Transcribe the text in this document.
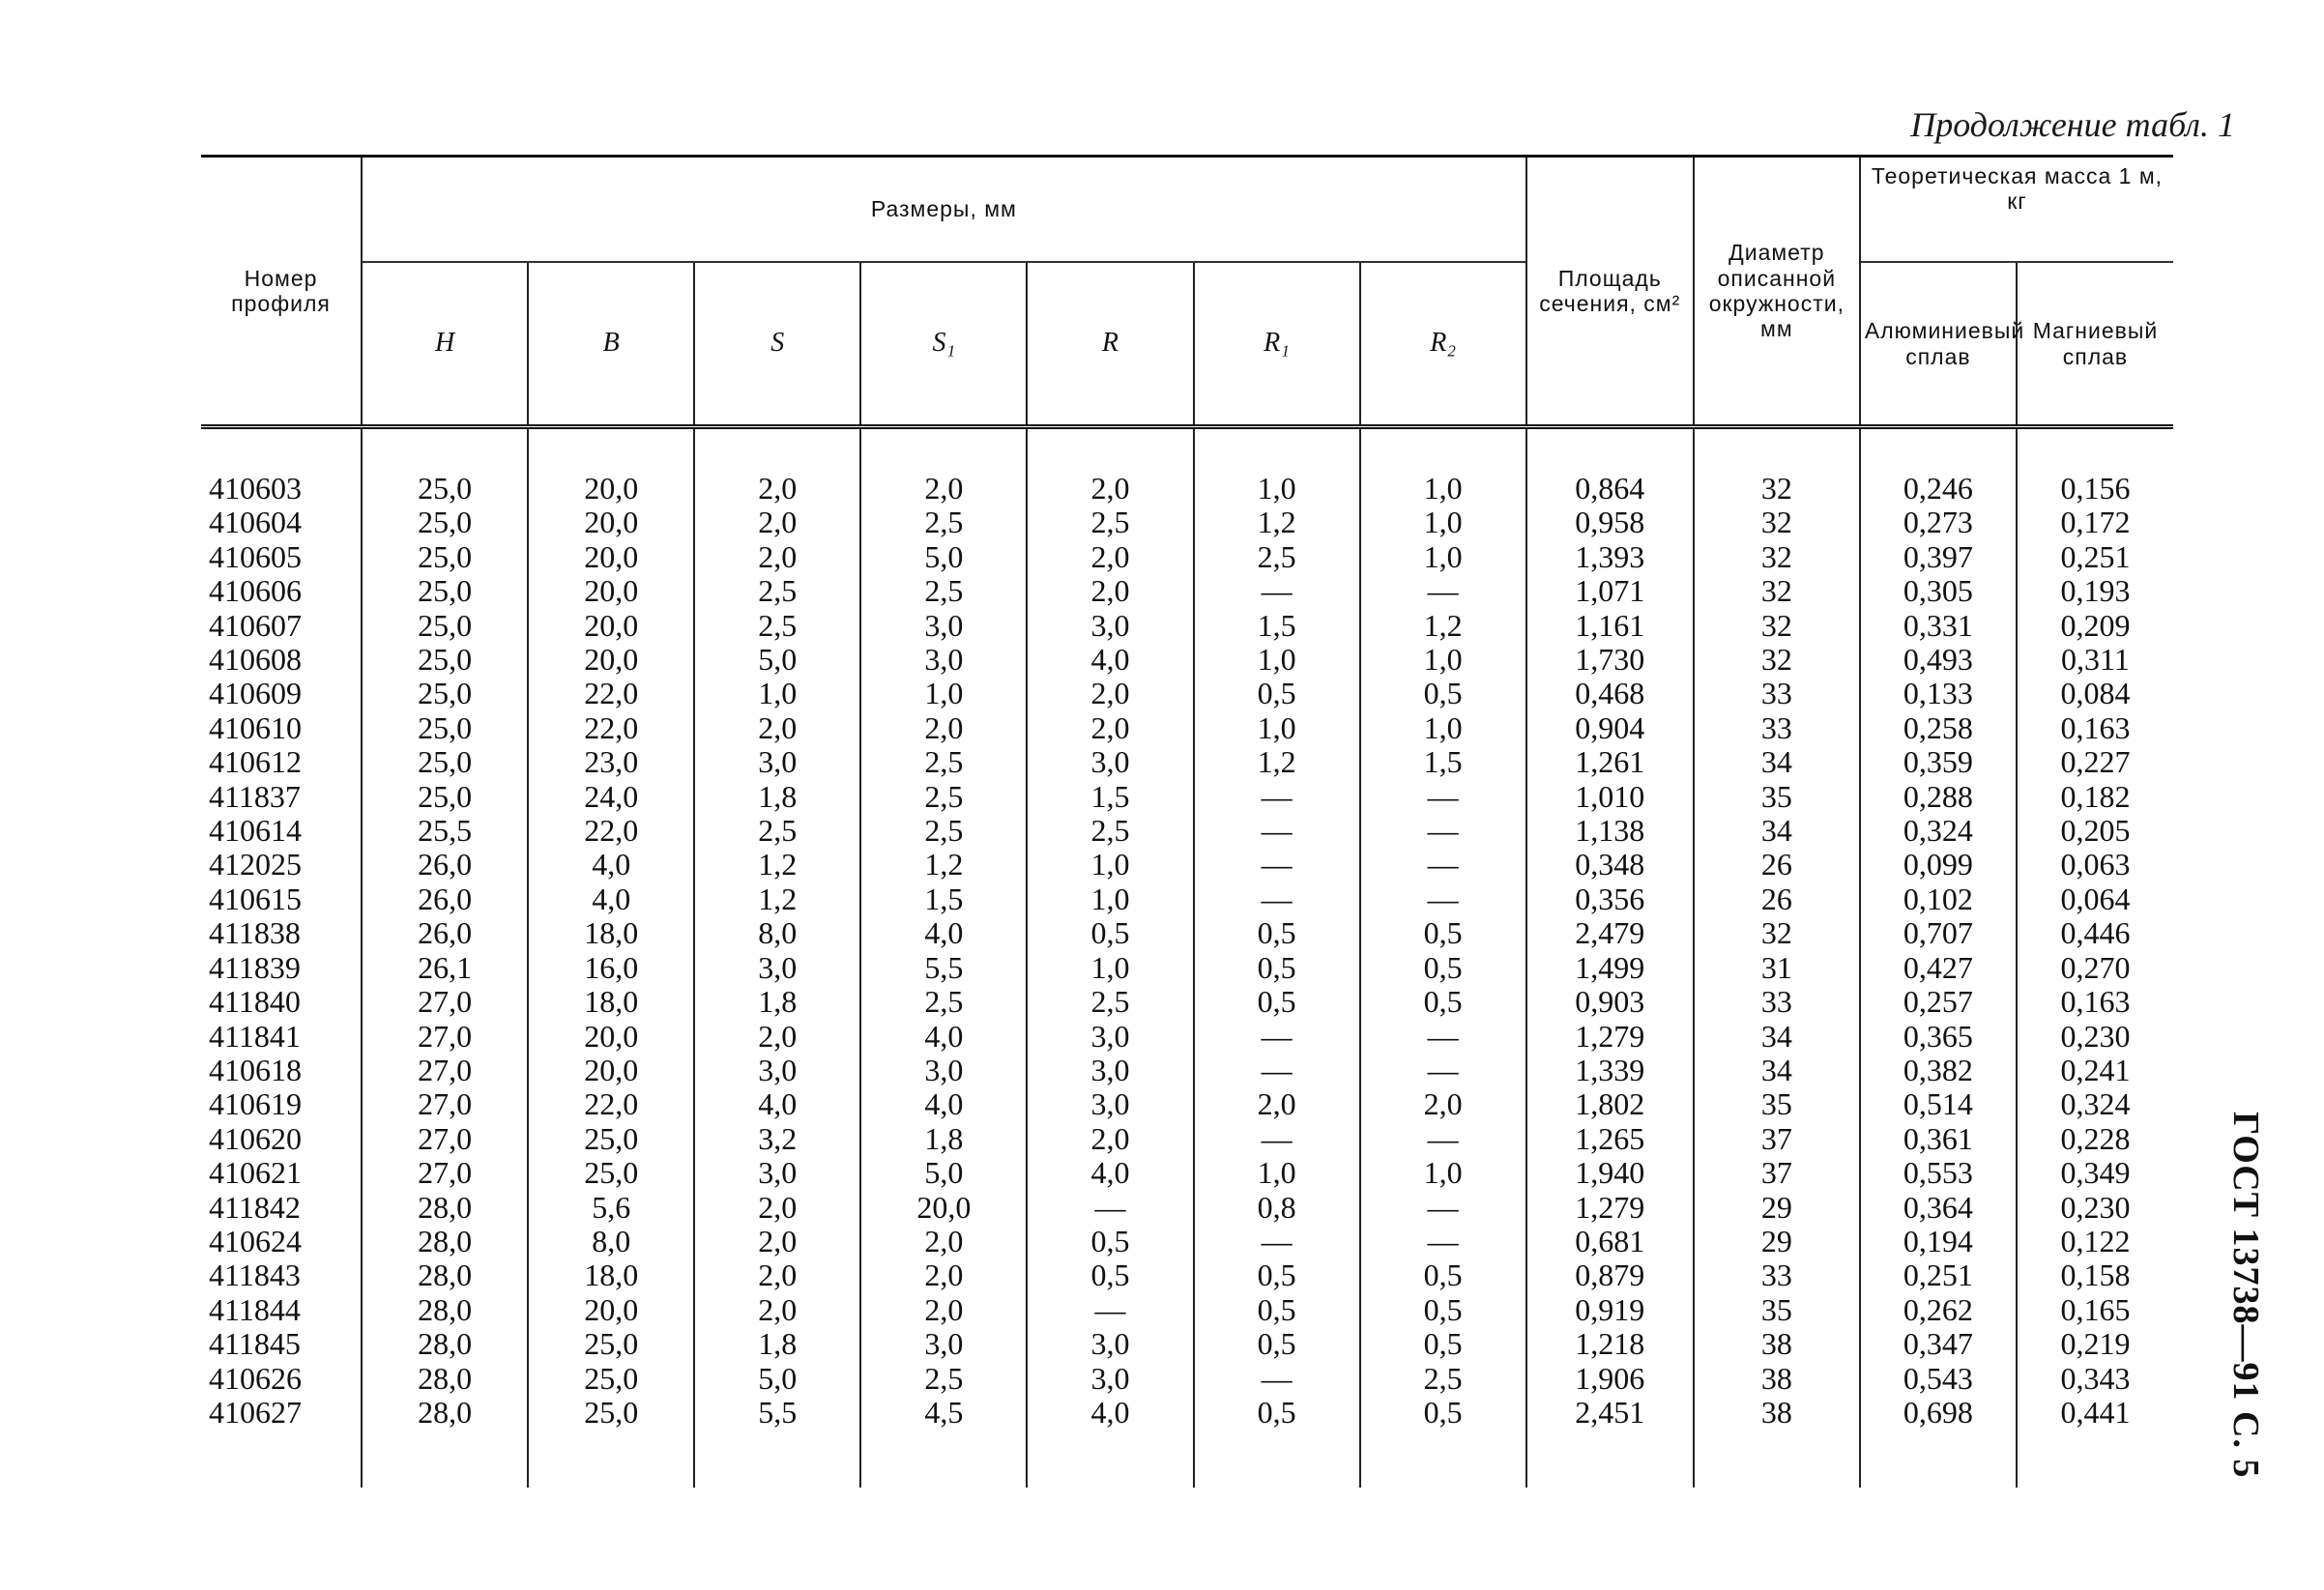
Продолжение табл. 1
ГОСТ 13738—91 С. 5
Номер профиля	Размеры, мм							Площадь сечения, см²	Диаметр описанной окружности, мм	Теоретическая масса 1 м, кг	
	H	B	S	S₁	R	R₁	R₂			Алюминиевый сплав	Магниевый сплав

410603	25,0	20,0	2,0	2,0	2,0	1,0	1,0	0,864	32	0,246	0,156
410604	25,0	20,0	2,0	2,5	2,5	1,2	1,0	0,958	32	0,273	0,172
410605	25,0	20,0	2,0	5,0	2,0	2,5	1,0	1,393	32	0,397	0,251
410606	25,0	20,0	2,5	2,5	2,0	—	—	1,071	32	0,305	0,193
410607	25,0	20,0	2,5	3,0	3,0	1,5	1,2	1,161	32	0,331	0,209
410608	25,0	20,0	5,0	3,0	4,0	1,0	1,0	1,730	32	0,493	0,311
410609	25,0	22,0	1,0	1,0	2,0	0,5	0,5	0,468	33	0,133	0,084
410610	25,0	22,0	2,0	2,0	2,0	1,0	1,0	0,904	33	0,258	0,163
410612	25,0	23,0	3,0	2,5	3,0	1,2	1,5	1,261	34	0,359	0,227
411837	25,0	24,0	1,8	2,5	1,5	—	—	1,010	35	0,288	0,182
410614	25,5	22,0	2,5	2,5	2,5	—	—	1,138	34	0,324	0,205
412025	26,0	4,0	1,2	1,2	1,0	—	—	0,348	26	0,099	0,063
410615	26,0	4,0	1,2	1,5	1,0	—	—	0,356	26	0,102	0,064
411838	26,0	18,0	8,0	4,0	0,5	0,5	0,5	2,479	32	0,707	0,446
411839	26,1	16,0	3,0	5,5	1,0	0,5	0,5	1,499	31	0,427	0,270
411840	27,0	18,0	1,8	2,5	2,5	0,5	0,5	0,903	33	0,257	0,163
411841	27,0	20,0	2,0	4,0	3,0	—	—	1,279	34	0,365	0,230
410618	27,0	20,0	3,0	3,0	3,0	—	—	1,339	34	0,382	0,241
410619	27,0	22,0	4,0	4,0	3,0	2,0	2,0	1,802	35	0,514	0,324
410620	27,0	25,0	3,2	1,8	2,0	—	—	1,265	37	0,361	0,228
410621	27,0	25,0	3,0	5,0	4,0	1,0	1,0	1,940	37	0,553	0,349
411842	28,0	5,6	2,0	20,0	—	0,8	—	1,279	29	0,364	0,230
410624	28,0	8,0	2,0	2,0	0,5	—	—	0,681	29	0,194	0,122
411843	28,0	18,0	2,0	2,0	0,5	0,5	0,5	0,879	33	0,251	0,158
411844	28,0	20,0	2,0	2,0	—	0,5	0,5	0,919	35	0,262	0,165
411845	28,0	25,0	1,8	3,0	3,0	0,5	0,5	1,218	38	0,347	0,219
410626	28,0	25,0	5,0	2,5	3,0	—	2,5	1,906	38	0,543	0,343
410627	28,0	25,0	5,5	4,5	4,0	0,5	0,5	2,451	38	0,698	0,441
